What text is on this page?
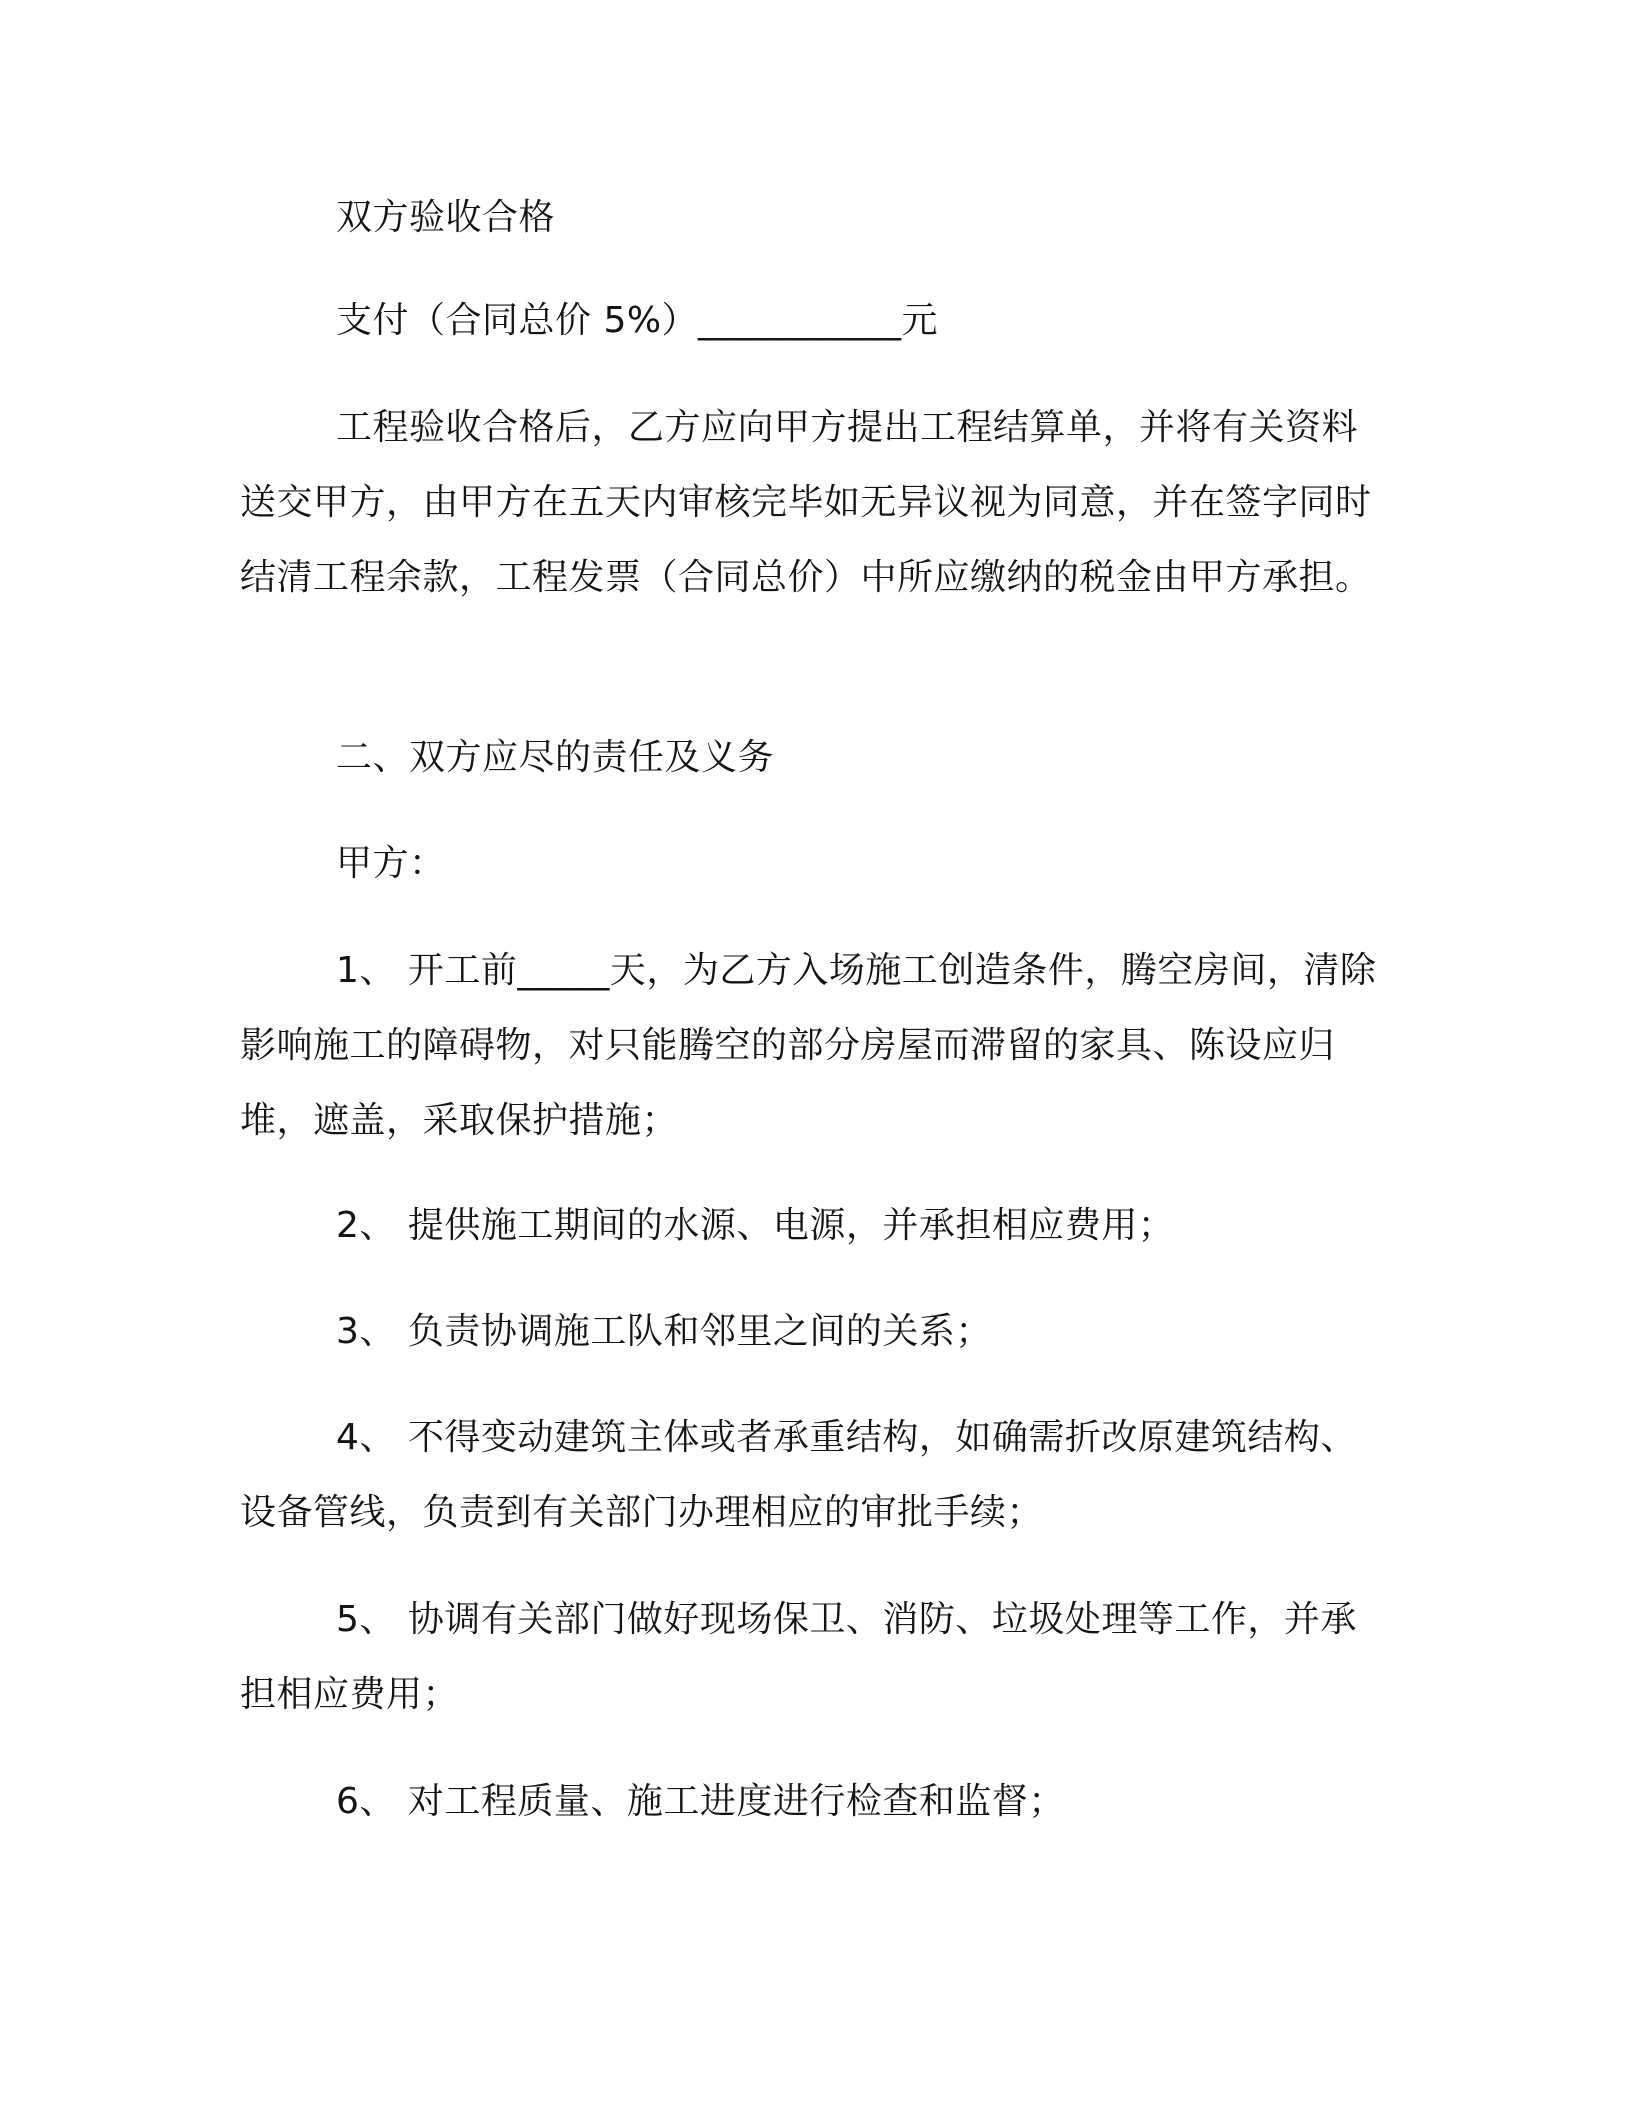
双方验收合格
支付（合同总价 5%）___________元
工程验收合格后，乙方应向甲方提出工程结算单，并将有关资料送交甲方，由甲方在五天内审核完毕如无异议视为同意，并在签字同时结清工程余款，工程发票（合同总价）中所应缴纳的税金由甲方承担。
二、双方应尽的责任及义务
甲方：
1、 开工前_____天，为乙方入场施工创造条件，腾空房间，清除影响施工的障碍物，对只能腾空的部分房屋而滞留的家具、陈设应归堆，遮盖，采取保护措施；
2、 提供施工期间的水源、电源，并承担相应费用；
3、 负责协调施工队和邻里之间的关系；
4、 不得变动建筑主体或者承重结构，如确需折改原建筑结构、设备管线，负责到有关部门办理相应的审批手续；
5、 协调有关部门做好现场保卫、消防、垃圾处理等工作，并承担相应费用；
6、 对工程质量、施工进度进行检查和监督；
